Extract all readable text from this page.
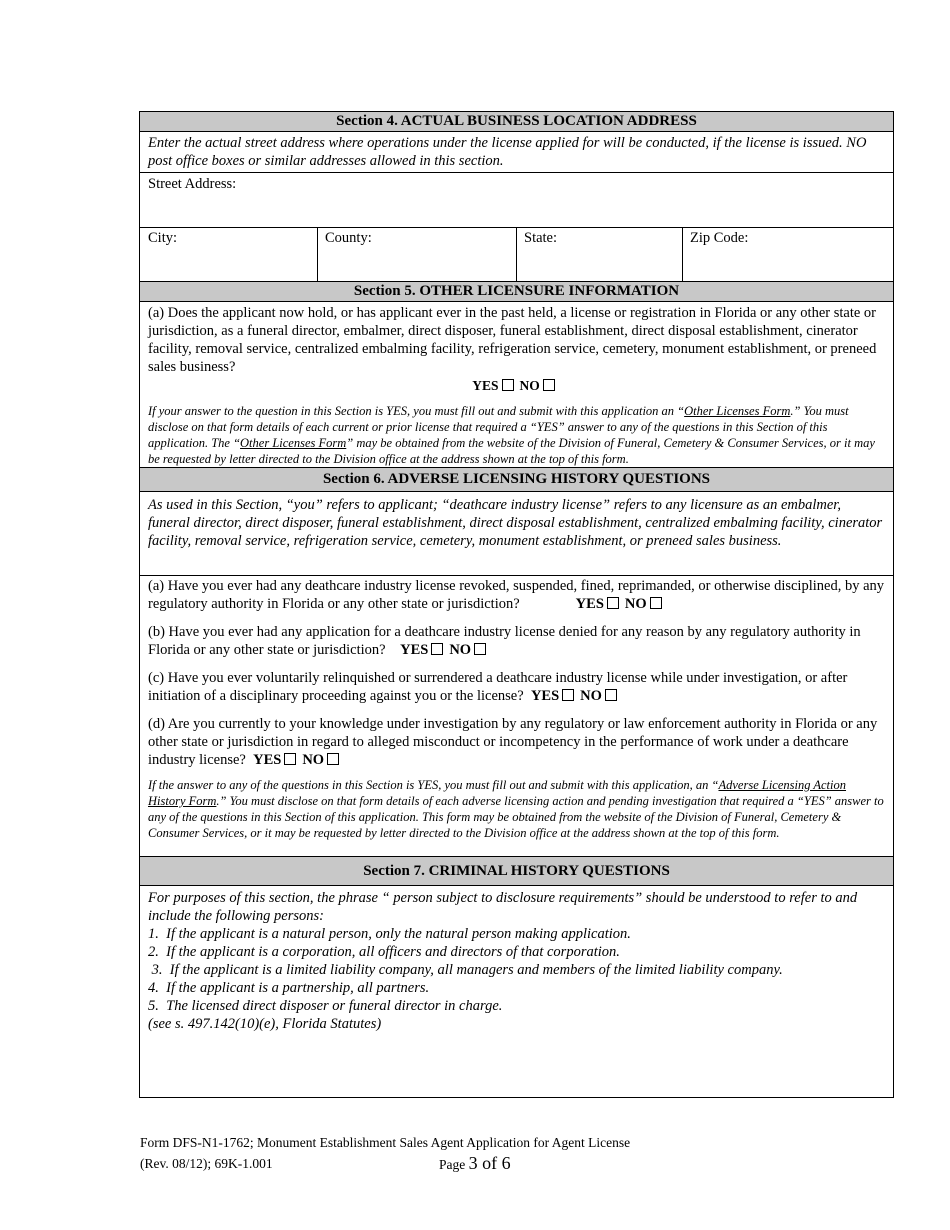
Section 4. ACTUAL BUSINESS LOCATION ADDRESS
Enter the actual street address where operations under the license applied for will be conducted, if the license is issued. NO post office boxes or similar addresses allowed in this section.
Street Address:
City:	County:	State:	Zip Code:
Section 5. OTHER LICENSURE INFORMATION
(a) Does the applicant now hold, or has applicant ever in the past held, a license or registration in Florida or any other state or jurisdiction, as a funeral director, embalmer, direct disposer, funeral establishment, direct disposal establishment, cinerator facility, removal service, centralized embalming facility, refrigeration service, cemetery, monument establishment, or preneed sales business?
YES NO
If your answer to the question in this Section is YES, you must fill out and submit with this application an “Other Licenses Form.” You must disclose on that form details of each current or prior license that required a “YES” answer to any of the questions in this Section of this application. The “Other Licenses Form” may be obtained from the website of the Division of Funeral, Cemetery & Consumer Services, or it may be requested by letter directed to the Division office at the address shown at the top of this form.
Section 6. ADVERSE LICENSING HISTORY QUESTIONS
As used in this Section, “you” refers to applicant; “deathcare industry license” refers to any licensure as an embalmer, funeral director, direct disposer, funeral establishment, direct disposal establishment, centralized embalming facility, cinerator facility, removal service, refrigeration service, cemetery, monument establishment, or preneed sales business.
(a) Have you ever had any deathcare industry license revoked, suspended, fined, reprimanded, or otherwise disciplined, by any regulatory authority in Florida or any other state or jurisdiction?	YES NO
(b) Have you ever had any application for a deathcare industry license denied for any reason by any regulatory authority in Florida or any other state or jurisdiction? YES NO
(c) Have you ever voluntarily relinquished or surrendered a deathcare industry license while under investigation, or after initiation of a disciplinary proceeding against you or the license? YES NO
(d) Are you currently to your knowledge under investigation by any regulatory or law enforcement authority in Florida or any other state or jurisdiction in regard to alleged misconduct or incompetency in the performance of work under a deathcare industry license? YES NO
If the answer to any of the questions in this Section is YES, you must fill out and submit with this application, an “Adverse Licensing Action History Form.” You must disclose on that form details of each adverse licensing action and pending investigation that required a “YES” answer to any of the questions in this Section of this application. This form may be obtained from the website of the Division of Funeral, Cemetery & Consumer Services, or it may be requested by letter directed to the Division office at the address shown at the top of this form.
Section 7. CRIMINAL HISTORY QUESTIONS
For purposes of this section, the phrase “ person subject to disclosure requirements” should be understood to refer to and include the following persons:
1.  If the applicant is a natural person, only the natural person making application.
2.  If the applicant is a corporation, all officers and directors of that corporation.
3.  If the applicant is a limited liability company, all managers and members of the limited liability company.
4.  If the applicant is a partnership, all partners.
5.  The licensed direct disposer or funeral director in charge.
(see s. 497.142(10)(e), Florida Statutes)
Form DFS-N1-1762; Monument Establishment Sales Agent Application for Agent License
(Rev. 08/12); 69K-1.001	Page 3 of 6
